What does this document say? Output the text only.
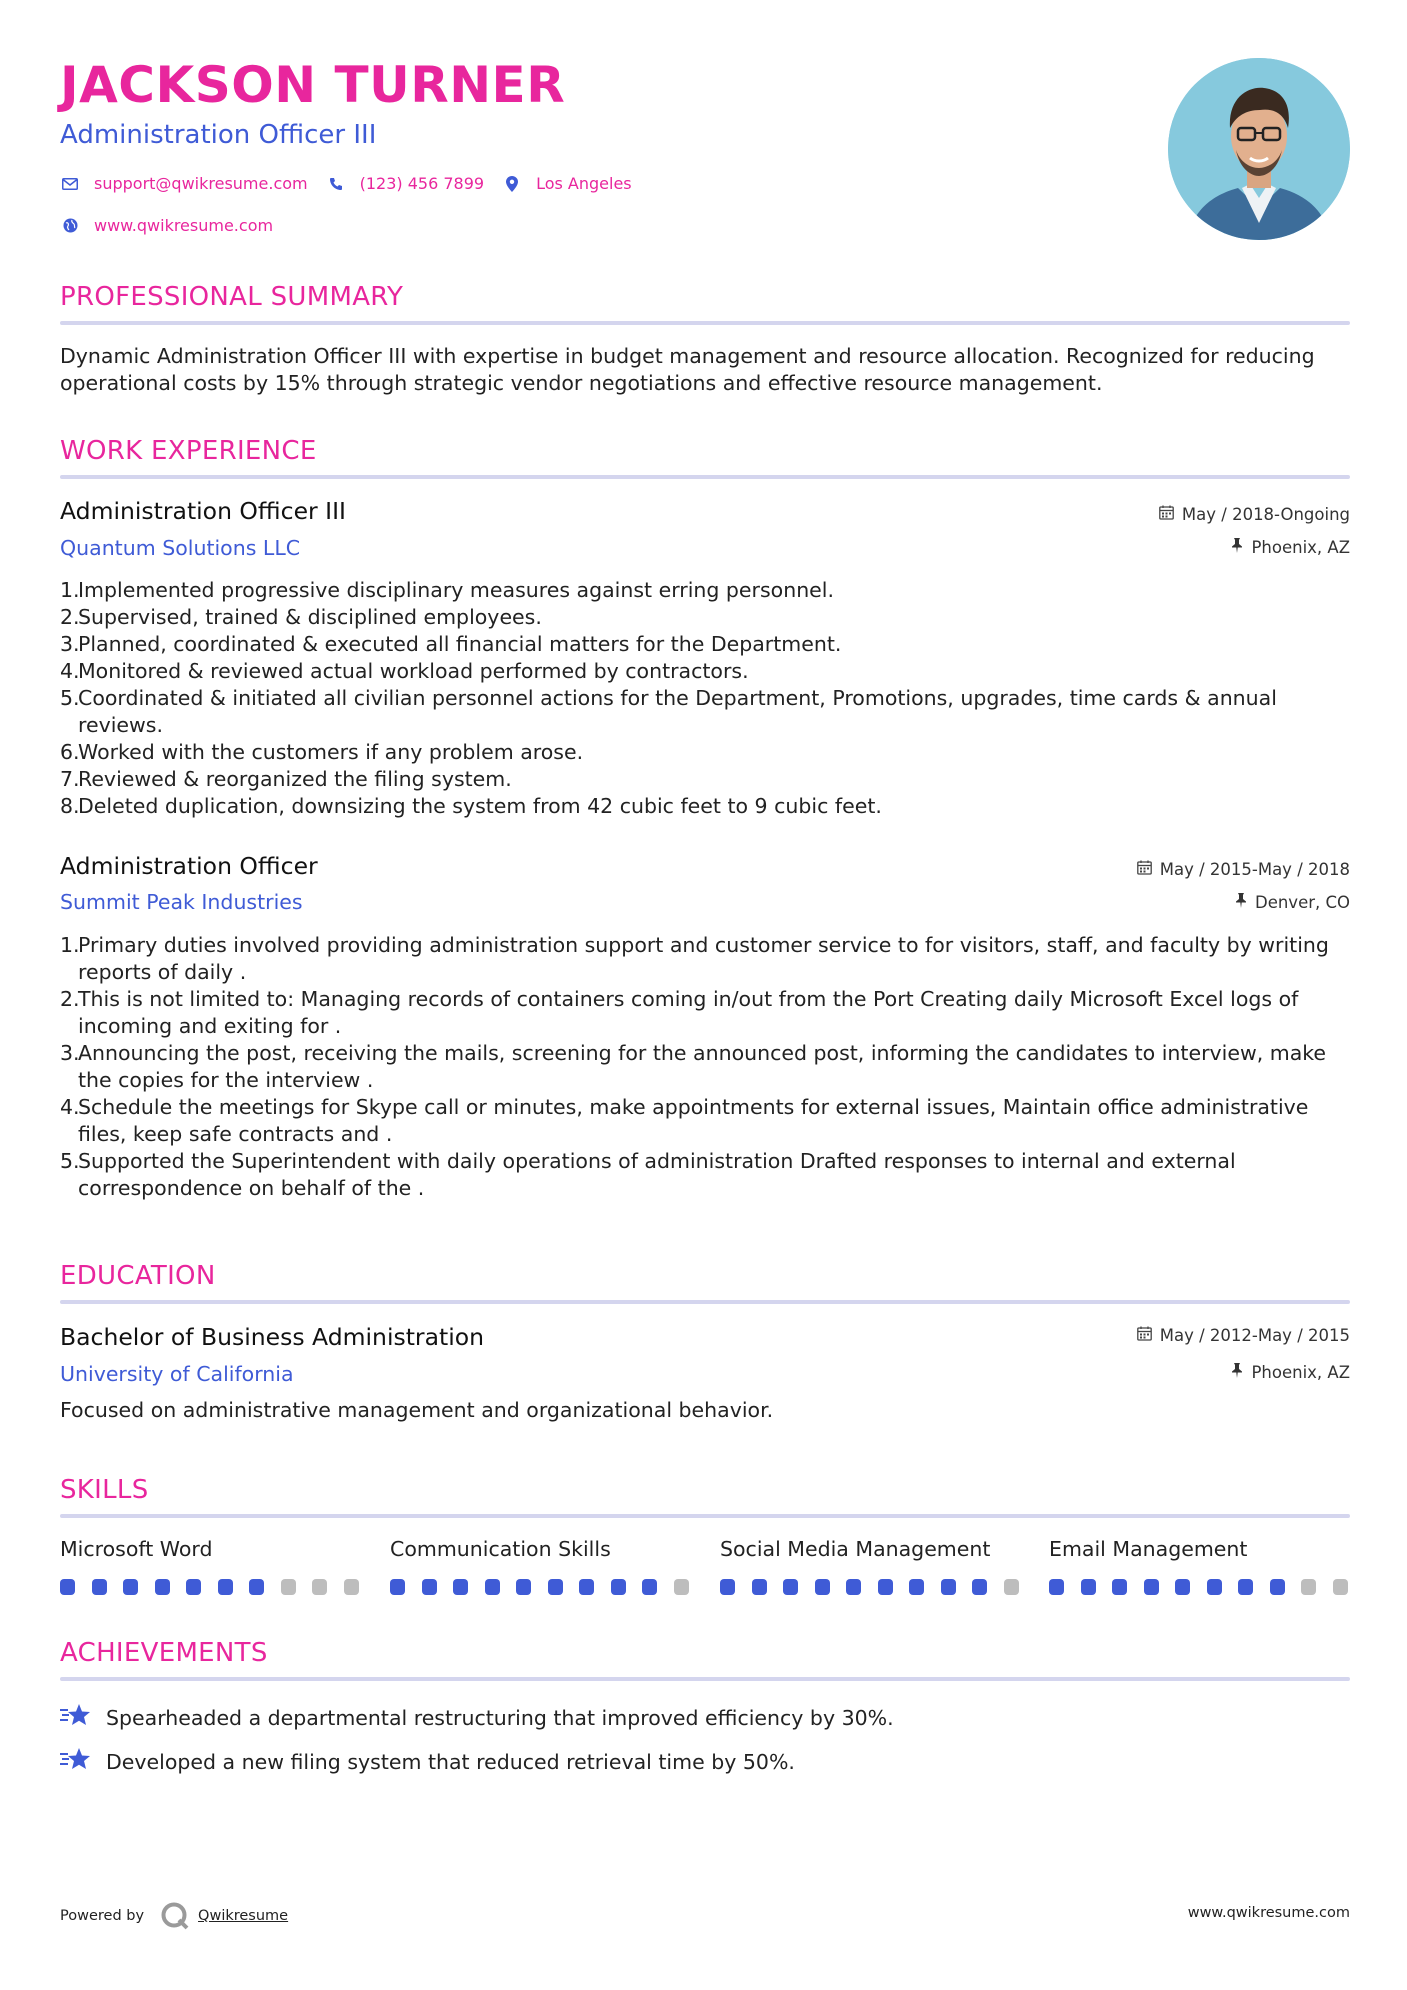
JACKSON TURNER
Administration Officer III
support@qwikresume.com	(123) 456 7899	Los Angeles
www.qwikresume.com
PROFESSIONAL SUMMARY
Dynamic Administration Officer III with expertise in budget management and resource allocation. Recognized for reducing operational costs by 15% through strategic vendor negotiations and effective resource management.
WORK EXPERIENCE
Administration Officer III
Quantum Solutions LLC
May / 2018-Ongoing
Phoenix, AZ
1.
Implemented progressive disciplinary measures against erring personnel.
2.
Supervised, trained & disciplined employees.
3.
Planned, coordinated & executed all financial matters for the Department.
4.
Monitored & reviewed actual workload performed by contractors.
5.
Coordinated & initiated all civilian personnel actions for the Department, Promotions, upgrades, time cards & annual reviews.
6.
Worked with the customers if any problem arose.
7.
Reviewed & reorganized the filing system.
8.
Deleted duplication, downsizing the system from 42 cubic feet to 9 cubic feet.
Administration Officer
Summit Peak Industries
May / 2015-May / 2018
Denver, CO
1.
Primary duties involved providing administration support and customer service to for visitors, staff, and faculty by writing reports of daily .
2.
This is not limited to: Managing records of containers coming in/out from the Port Creating daily Microsoft Excel logs of incoming and exiting for .
3.
Announcing the post, receiving the mails, screening for the announced post, informing the candidates to interview, make the copies for the interview .
4.
Schedule the meetings for Skype call or minutes, make appointments for external issues, Maintain office administrative files, keep safe contracts and .
5.
Supported the Superintendent with daily operations of administration Drafted responses to internal and external correspondence on behalf of the .
EDUCATION
Bachelor of Business Administration
University of California
May / 2012-May / 2015
Phoenix, AZ
Focused on administrative management and organizational behavior.
SKILLS
Microsoft Word	Communication Skills	Social Media Management	Email Management
ACHIEVEMENTS
Spearheaded a departmental restructuring that improved efficiency by 30%.
Developed a new filing system that reduced retrieval time by 50%.
Powered by	Qwikresume	www.qwikresume.com
